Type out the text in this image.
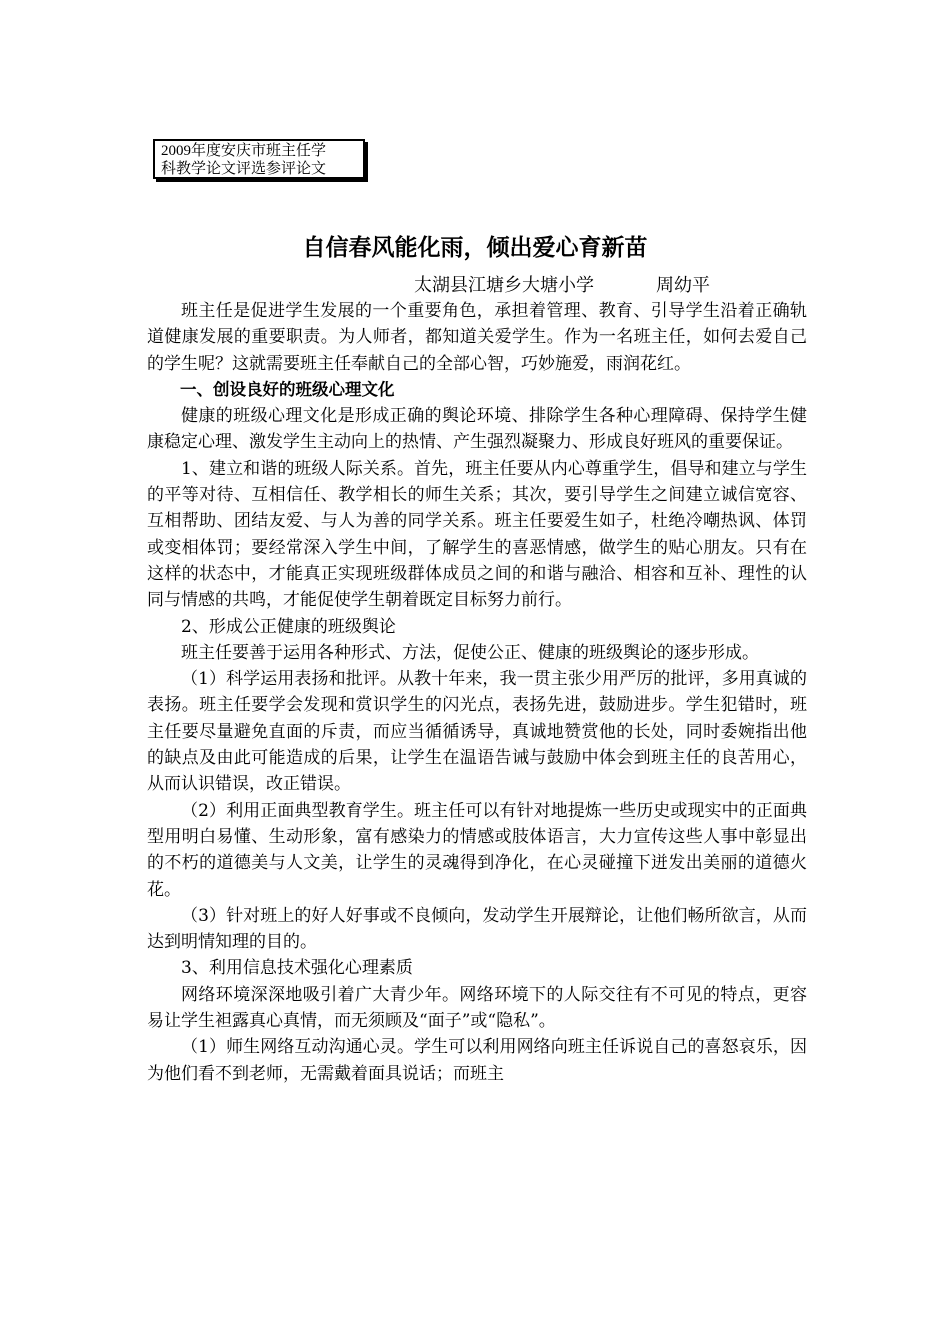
2009年度安庆市班主任学
科教学论文评选参评论文
自信春风能化雨，倾出爱心育新苗
太湖县江塘乡大塘小学	周幼平

班主任是促进学生发展的一个重要角色，承担着管理、教育、引导学生沿着正确轨道健康发展的重要职责。为人师者，都知道关爱学生。作为一名班主任，如何去爱自己的学生呢？这就需要班主任奉献自己的全部心智，巧妙施爱，雨润花红。

一、创设良好的班级心理文化

健康的班级心理文化是形成正确的舆论环境、排除学生各种心理障碍、保持学生健康稳定心理、激发学生主动向上的热情、产生强烈凝聚力、形成良好班风的重要保证。

1、建立和谐的班级人际关系。首先，班主任要从内心尊重学生，倡导和建立与学生的平等对待、互相信任、教学相长的师生关系；其次，要引导学生之间建立诚信宽容、互相帮助、团结友爱、与人为善的同学关系。班主任要爱生如子，杜绝冷嘲热讽、体罚或变相体罚；要经常深入学生中间，了解学生的喜恶情感，做学生的贴心朋友。只有在这样的状态中，才能真正实现班级群体成员之间的和谐与融洽、相容和互补、理性的认同与情感的共鸣，才能促使学生朝着既定目标努力前行。

2、形成公正健康的班级舆论

班主任要善于运用各种形式、方法，促使公正、健康的班级舆论的逐步形成。

（1）科学运用表扬和批评。从教十年来，我一贯主张少用严厉的批评，多用真诚的表扬。班主任要学会发现和赏识学生的闪光点，表扬先进，鼓励进步。学生犯错时，班主任要尽量避免直面的斥责，而应当循循诱导，真诚地赞赏他的长处，同时委婉指出他的缺点及由此可能造成的后果，让学生在温语告诫与鼓励中体会到班主任的良苦用心，从而认识错误，改正错误。

（2）利用正面典型教育学生。班主任可以有针对地提炼一些历史或现实中的正面典型用明白易懂、生动形象，富有感染力的情感或肢体语言，大力宣传这些人事中彰显出的不朽的道德美与人文美，让学生的灵魂得到净化，在心灵碰撞下迸发出美丽的道德火花。

（3）针对班上的好人好事或不良倾向，发动学生开展辩论，让他们畅所欲言，从而达到明情知理的目的。

3、利用信息技术强化心理素质

网络环境深深地吸引着广大青少年。网络环境下的人际交往有不可见的特点，更容易让学生袒露真心真情，而无须顾及“面子”或“隐私”。

（1）师生网络互动沟通心灵。学生可以利用网络向班主任诉说自己的喜怒哀乐，因为他们看不到老师，无需戴着面具说话；而班主
